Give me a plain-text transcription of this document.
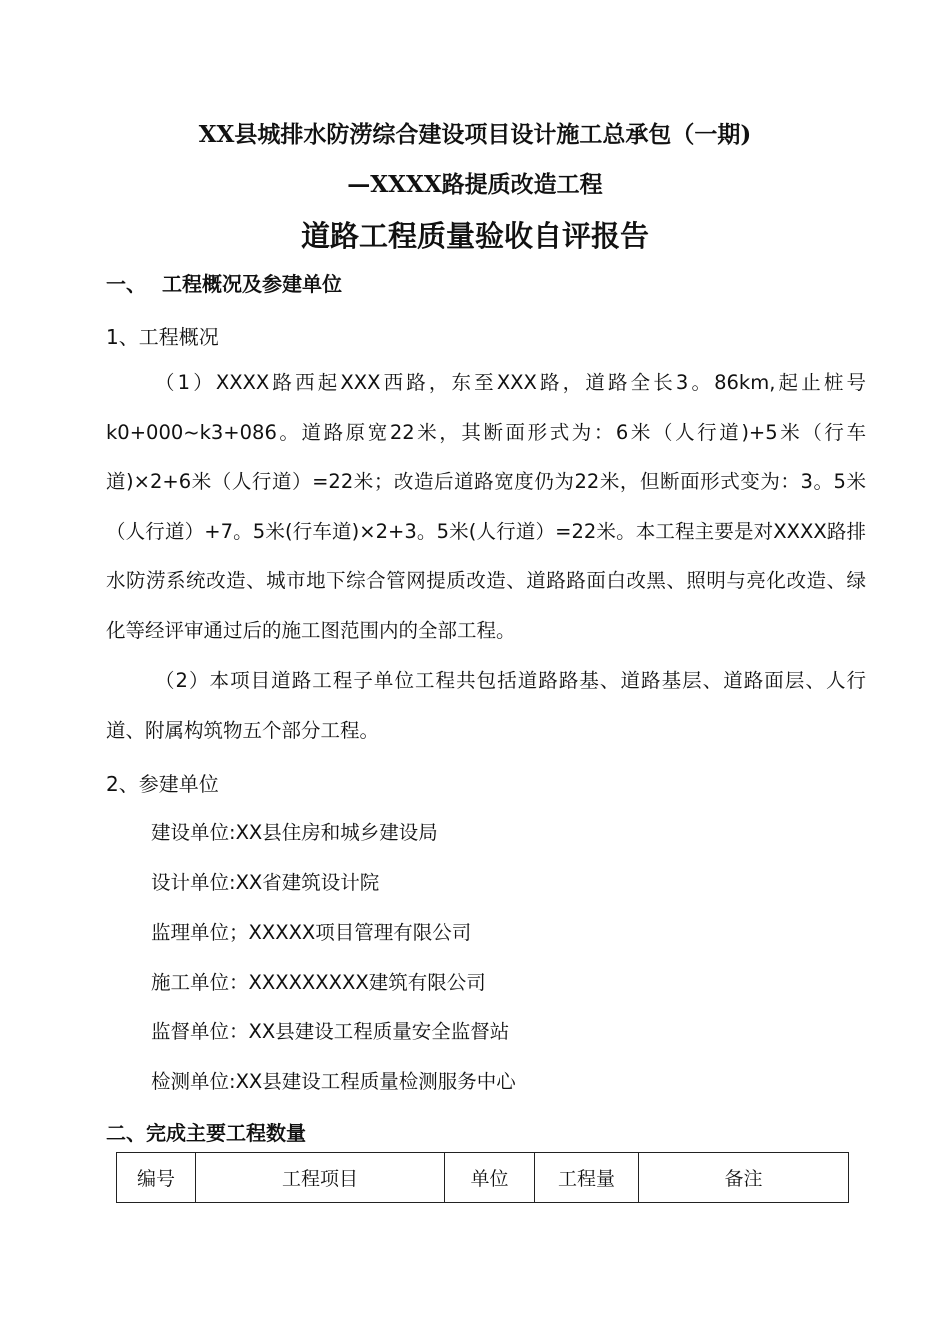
XX县城排水防涝综合建设项目设计施工总承包（一期)
—XXXX路提质改造工程
道路工程质量验收自评报告
一、 工程概况及参建单位
1、工程概况
（1）XXXX路西起XXX西路，东至XXX路，道路全长3。86km,起止桩号k0+000~k3+086。道路原宽22米，其断面形式为：6米（人行道)+5米（行车道)×2+6米（人行道）=22米；改造后道路宽度仍为22米，但断面形式变为：3。5米（人行道）+7。5米(行车道)×2+3。5米(人行道）=22米。本工程主要是对XXXX路排水防涝系统改造、城市地下综合管网提质改造、道路路面白改黑、照明与亮化改造、绿化等经评审通过后的施工图范围内的全部工程。
（2）本项目道路工程子单位工程共包括道路路基、道路基层、道路面层、人行道、附属构筑物五个部分工程。
2、参建单位
建设单位:XX县住房和城乡建设局
设计单位:XX省建筑设计院
监理单位；XXXXX项目管理有限公司
施工单位：XXXXXXXXX建筑有限公司
监督单位：XX县建设工程质量安全监督站
检测单位:XX县建设工程质量检测服务中心
二、完成主要工程数量
编号	工程项目	单位	工程量	备注
